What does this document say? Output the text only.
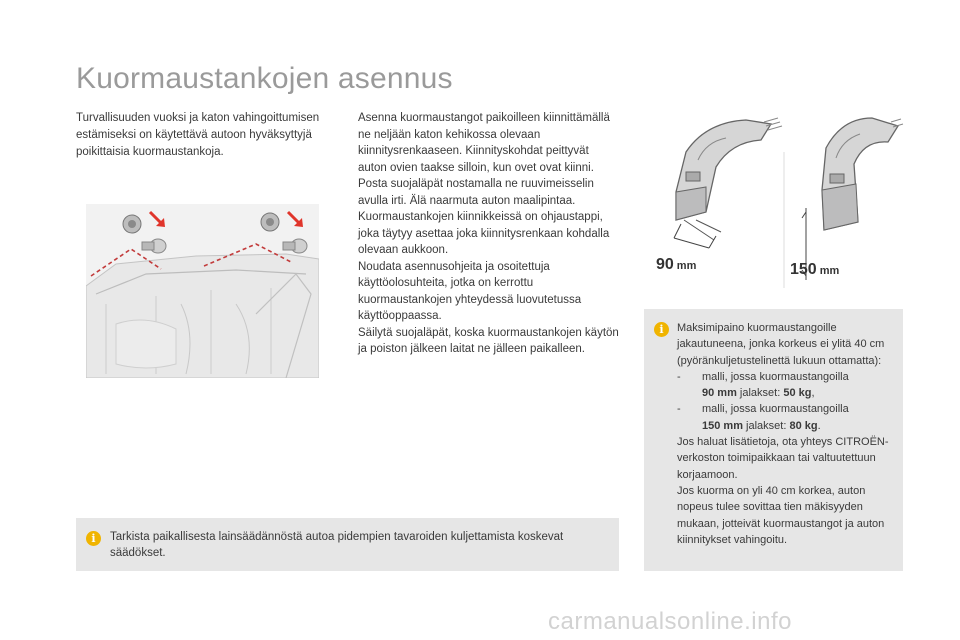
Kuormaustankojen asennus
Turvallisuuden vuoksi ja katon vahingoittumisen estämiseksi on käytettävä autoon hyväksyttyjä poikittaisia kuormaustankoja.

Asenna kuormaustangot paikoilleen kiinnittämällä ne neljään katon kehikossa olevaan kiinnitysrenkaaseen. Kiinnityskohdat peittyvät auton ovien taakse silloin, kun ovet ovat kiinni.

Posta suojaläpät nostamalla ne ruuvimeisselin avulla irti. Älä naarmuta auton maalipintaa.

Kuormaustankojen kiinnikkeissä on ohjaustappi, joka täytyy asettaa joka kiinnitysrenkaan kohdalla olevaan aukkoon.

Noudata asennusohjeita ja osoitettuja käyttöolosuhteita, jotka on kerrottu kuormaustankojen yhteydessä luovutetussa käyttöoppaassa.

Säilytä suojaläpät, koska kuormaustankojen käytön ja poiston jälkeen laitat ne jälleen paikalleen.

90 mm	150 mm
i	Maksimipaino kuormaustangoille jakautuneena, jonka korkeus ei ylitä 40 cm (pyöränkuljetustelinettä lukuun ottamatta):

- malli, jossa kuormaustangoilla
90 mm jalakset: 50 kg,

- malli, jossa kuormaustangoilla
150 mm jalakset: 80 kg.

Jos haluat lisätietoja, ota yhteys CITROËN-verkoston toimipaikkaan tai valtuutettuun korjaamoon.

Jos kuorma on yli 40 cm korkea, auton nopeus tulee sovittaa tien mäkisyyden mukaan, jotteivät kuormaustangot ja auton kiinnitykset vahingoitu.

i	Tarkista paikallisesta lainsäädännöstä autoa pidempien tavaroiden kuljettamista koskevat säädökset.
carmanualsonline.info
